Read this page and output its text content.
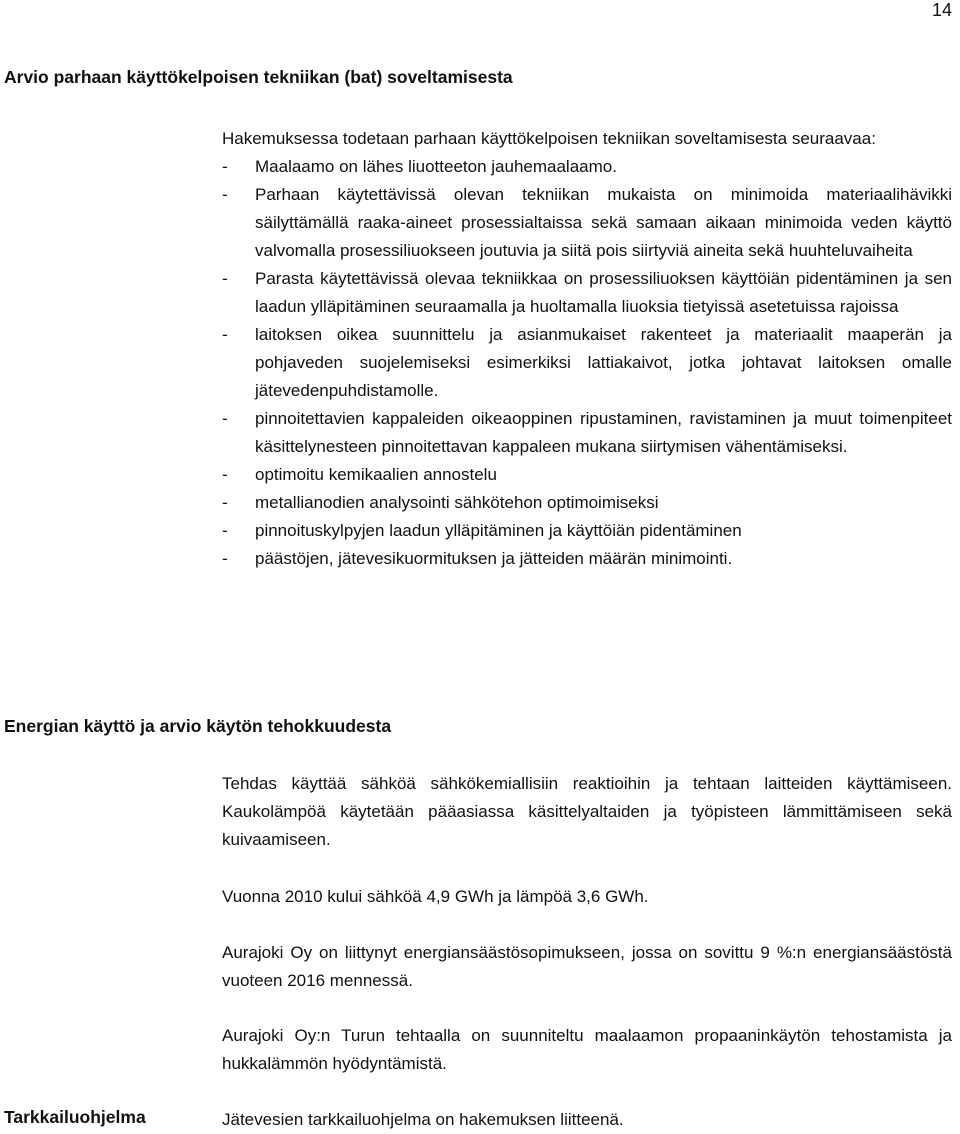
14
Arvio parhaan käyttökelpoisen tekniikan (bat) soveltamisesta
Hakemuksessa todetaan parhaan käyttökelpoisen tekniikan soveltamisesta seuraavaa:
- Maalaamo on lähes liuotteeton jauhemaalaamo.
- Parhaan käytettävissä olevan tekniikan mukaista on minimoida materiaalihävikki säilyttämällä raaka-aineet prosessialtaissa sekä samaan aikaan minimoida veden käyttö valvomalla prosessiliuokseen joutuvia ja siitä pois siirtyviä aineita sekä huuhteluvaiheita
- Parasta käytettävissä olevaa tekniikkaa on prosessiliuoksen käyttöiän pidentäminen ja sen laadun ylläpitäminen seuraamalla ja huoltamalla liuoksia tietyissä asetetuissa rajoissa
- laitoksen oikea suunnittelu ja asianmukaiset rakenteet ja materiaalit maaperän ja pohjaveden suojelemiseksi esimerkiksi lattiakaivot, jotka johtavat laitoksen omalle jätevedenpuhdistamolle.
- pinnoitettavien kappaleiden oikeaoppinen ripustaminen, ravistaminen ja muut toimenpiteet käsittelynesteen pinnoitettavan kappaleen mukana siirtymisen vähentämiseksi.
- optimoitu kemikaalien annostelu
- metallianodien analysointi sähkötehon optimoimiseksi
- pinnoituskylpyjen laadun ylläpitäminen ja käyttöiän pidentäminen
- päästöjen, jätevesikuormituksen ja jätteiden määrän minimointi.
Energian käyttö ja arvio käytön tehokkuudesta
Tehdas käyttää sähköä sähkökemiallisiin reaktioihin ja tehtaan laitteiden käyttämiseen. Kaukolämpöä käytetään pääasiassa käsittelyaltaiden ja työpisteen lämmittämiseen sekä kuivaamiseen.
Vuonna 2010 kului sähköä 4,9 GWh ja lämpöä 3,6 GWh.
Aurajoki Oy on liittynyt energiansäästösopimukseen, jossa on sovittu 9 %:n energiansäästöstä vuoteen 2016 mennessä.
Aurajoki Oy:n Turun tehtaalla on suunniteltu maalaamon propaaninkäytön tehostamista ja hukkalämmön hyödyntämistä.
Tarkkailuohjelma	Jätevesien tarkkailuohjelma on hakemuksen liitteenä.
